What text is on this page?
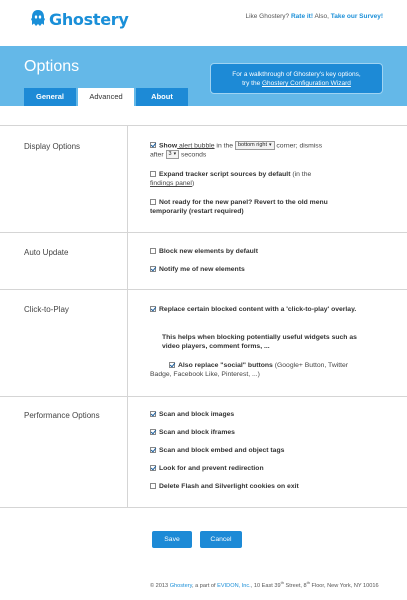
Ghostery	Like Ghostery? Rate it! Also, Take our Survey!
Options	For a walkthrough of Ghostery's key options,
try the Ghostery Configuration Wizard
General	Advanced	About
Display Options	Show alert bubble in the bottom right ▾ corner; dismiss
after 3 ▾ seconds
Expand tracker script sources by default (in the
findings panel)
Not ready for the new panel? Revert to the old menu temporarily (restart required)
Auto Update	Block new elements by default
Notify me of new elements
Click-to-Play	Replace certain blocked content with a 'click-to-play' overlay.
This helps when blocking potentially useful widgets such as video players, comment forms, ...
Also replace "social" buttons (Google+ Button, Twitter Badge, Facebook Like, Pinterest, ...)
Performance Options	Scan and block images
Scan and block iframes
Scan and block embed and object tags
Look for and prevent redirection
Delete Flash and Silverlight cookies on exit
Save	Cancel
© 2013 Ghostery, a part of EVIDON, Inc., 10 East 39th Street, 8th Floor, New York, NY 10016
